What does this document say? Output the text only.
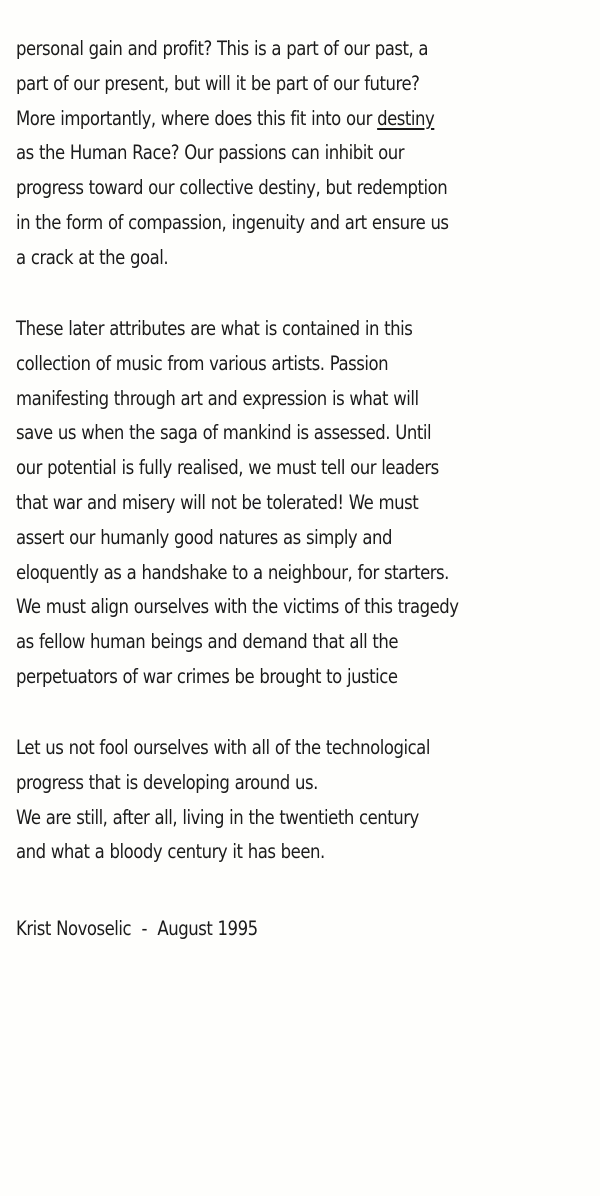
personal gain and profit? This is a part of our past, a
part of our present, but will it be part of our future?
More importantly, where does this fit into our destiny
as the Human Race? Our passions can inhibit our
progress toward our collective destiny, but redemption
in the form of compassion, ingenuity and art ensure us
a crack at the goal.
These later attributes are what is contained in this
collection of music from various artists. Passion
manifesting through art and expression is what will
save us when the saga of mankind is assessed. Until
our potential is fully realised, we must tell our leaders
that war and misery will not be tolerated! We must
assert our humanly good natures as simply and
eloquently as a handshake to a neighbour, for starters.
We must align ourselves with the victims of this tragedy
as fellow human beings and demand that all the
perpetuators of war crimes be brought to justice
Let us not fool ourselves with all of the technological
progress that is developing around us.
We are still, after all, living in the twentieth century
and what a bloody century it has been.
Krist Novoselic  -  August 1995
